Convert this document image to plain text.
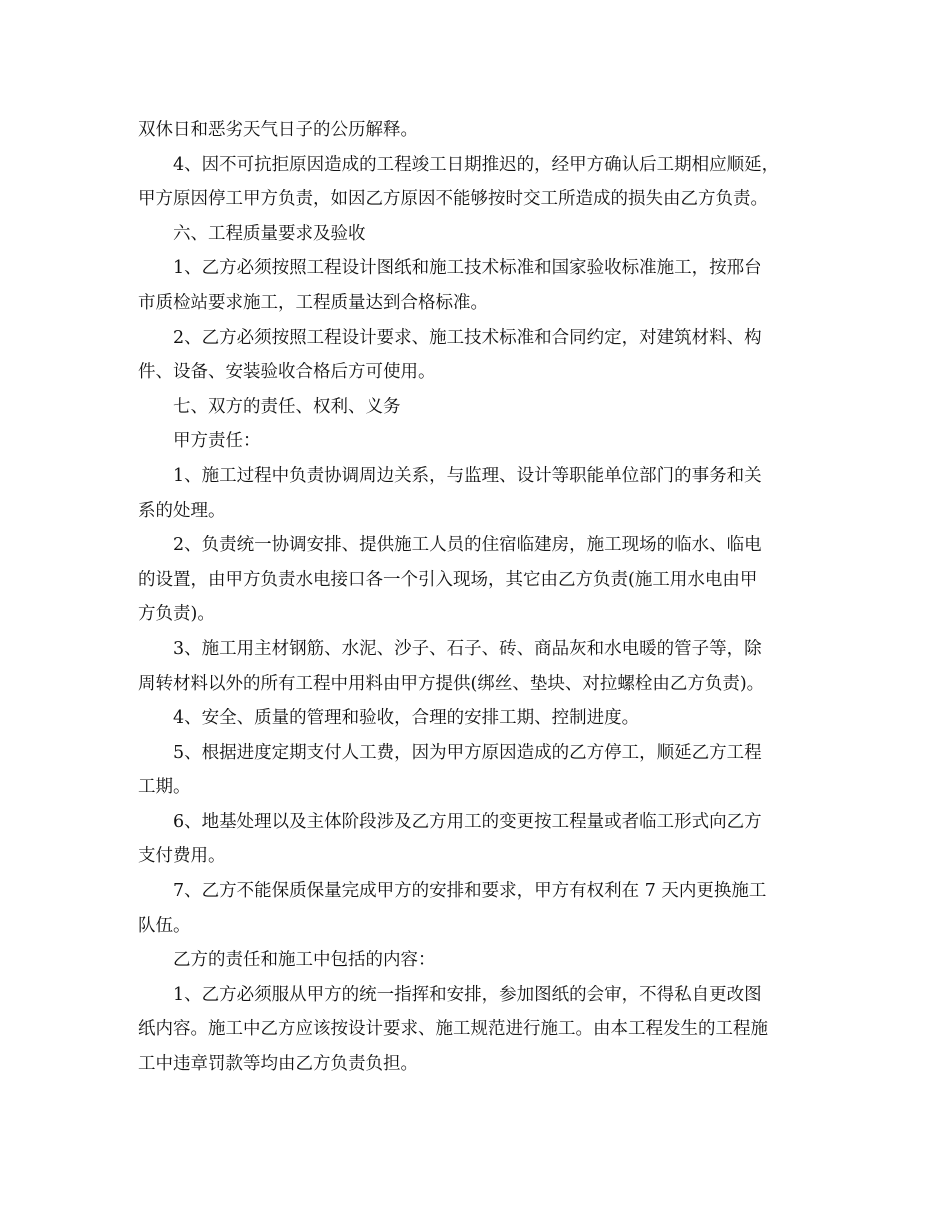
双休日和恶劣天气日子的公历解释。
4、因不可抗拒原因造成的工程竣工日期推迟的，经甲方确认后工期相应顺延，
甲方原因停工甲方负责，如因乙方原因不能够按时交工所造成的损失由乙方负责。
六、工程质量要求及验收
1、乙方必须按照工程设计图纸和施工技术标准和国家验收标准施工，按邢台
市质检站要求施工，工程质量达到合格标准。
2、乙方必须按照工程设计要求、施工技术标准和合同约定，对建筑材料、构
件、设备、安装验收合格后方可使用。
七、双方的责任、权利、义务
甲方责任：
1、施工过程中负责协调周边关系，与监理、设计等职能单位部门的事务和关
系的处理。
2、负责统一协调安排、提供施工人员的住宿临建房，施工现场的临水、临电
的设置，由甲方负责水电接口各一个引入现场，其它由乙方负责(施工用水电由甲
方负责)。
3、施工用主材钢筋、水泥、沙子、石子、砖、商品灰和水电暖的管子等，除
周转材料以外的所有工程中用料由甲方提供(绑丝、垫块、对拉螺栓由乙方负责)。
4、安全、质量的管理和验收，合理的安排工期、控制进度。
5、根据进度定期支付人工费，因为甲方原因造成的乙方停工，顺延乙方工程
工期。
6、地基处理以及主体阶段涉及乙方用工的变更按工程量或者临工形式向乙方
支付费用。
7、乙方不能保质保量完成甲方的安排和要求，甲方有权利在 7 天内更换施工
队伍。
乙方的责任和施工中包括的内容：
1、乙方必须服从甲方的统一指挥和安排，参加图纸的会审，不得私自更改图
纸内容。施工中乙方应该按设计要求、施工规范进行施工。由本工程发生的工程施
工中违章罚款等均由乙方负责负担。
